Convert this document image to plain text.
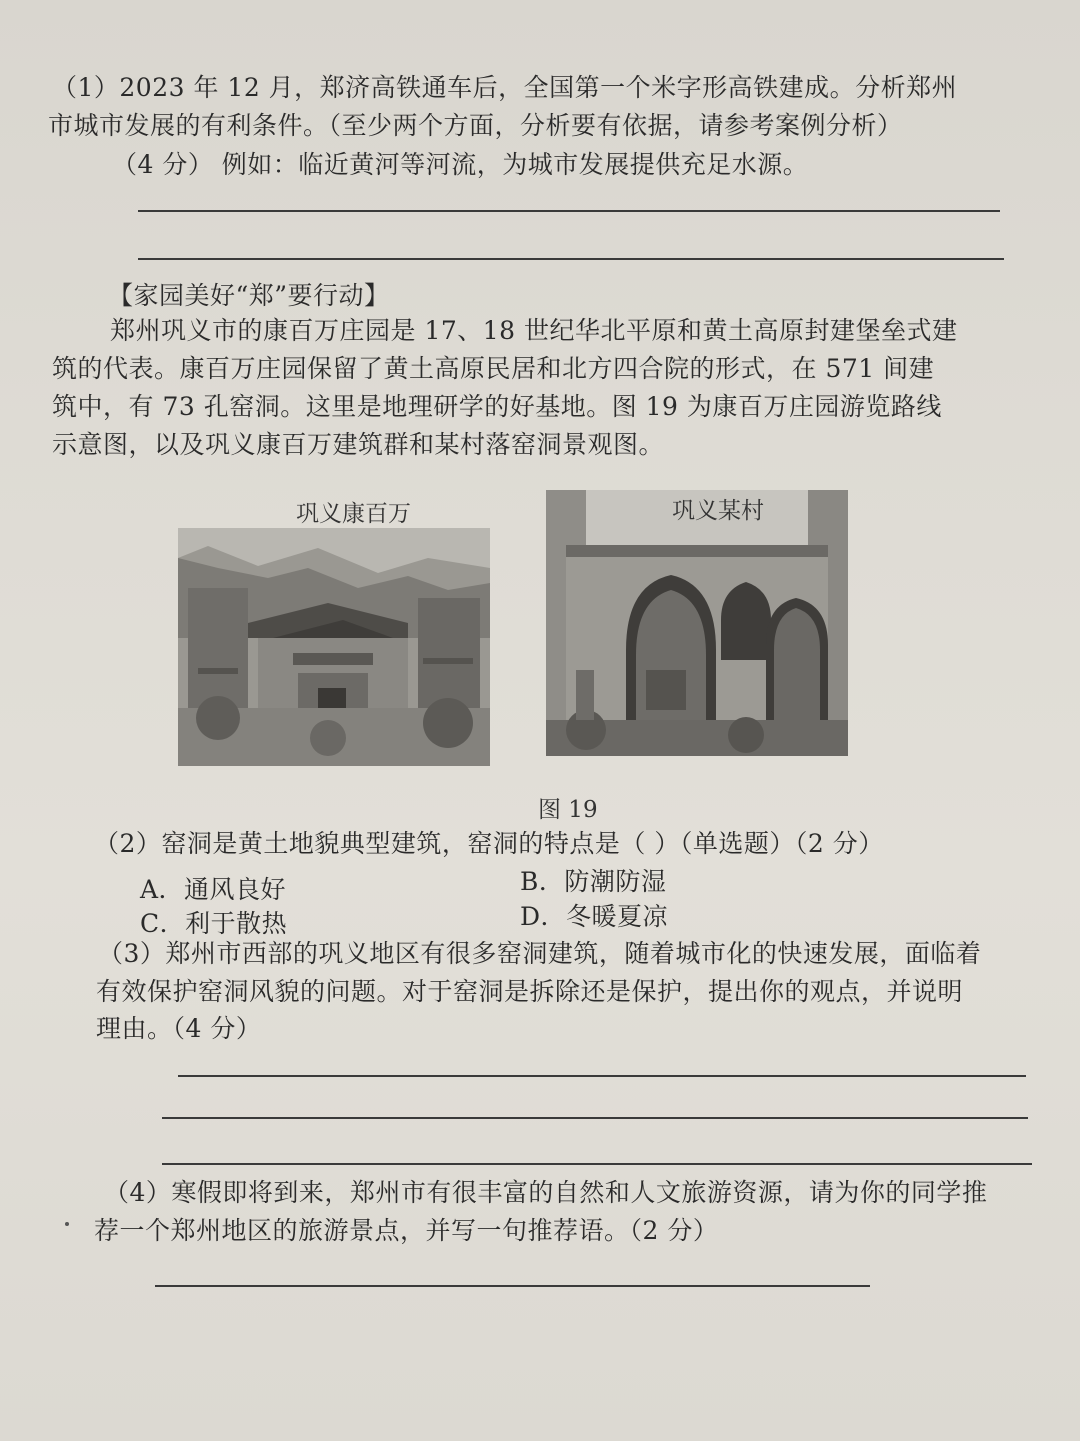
（1）2023 年 12 月，郑济高铁通车后，全国第一个米字形高铁建成。分析郑州
市城市发展的有利条件。（至少两个方面，分析要有依据，请参考案例分析）
（4 分） 例如：临近黄河等河流，为城市发展提供充足水源。
【家园美好“郑”要行动】
郑州巩义市的康百万庄园是 17、18 世纪华北平原和黄土高原封建堡垒式建
筑的代表。康百万庄园保留了黄土高原民居和北方四合院的形式，在 571 间建
筑中，有 73 孔窑洞。这里是地理研学的好基地。图 19 为康百万庄园游览路线
示意图，以及巩义康百万建筑群和某村落窑洞景观图。
巩义康百万	巩义某村
图 19
（2）窑洞是黄土地貌典型建筑，窑洞的特点是（ ）（单选题）（2 分）
A．通风良好	B．防潮防湿
C．利于散热	D．冬暖夏凉
（3）郑州市西部的巩义地区有很多窑洞建筑，随着城市化的快速发展，面临着
有效保护窑洞风貌的问题。对于窑洞是拆除还是保护，提出你的观点，并说明
理由。（4 分）
（4）寒假即将到来，郑州市有很丰富的自然和人文旅游资源，请为你的同学推
荐一个郑州地区的旅游景点，并写一句推荐语。（2 分）
